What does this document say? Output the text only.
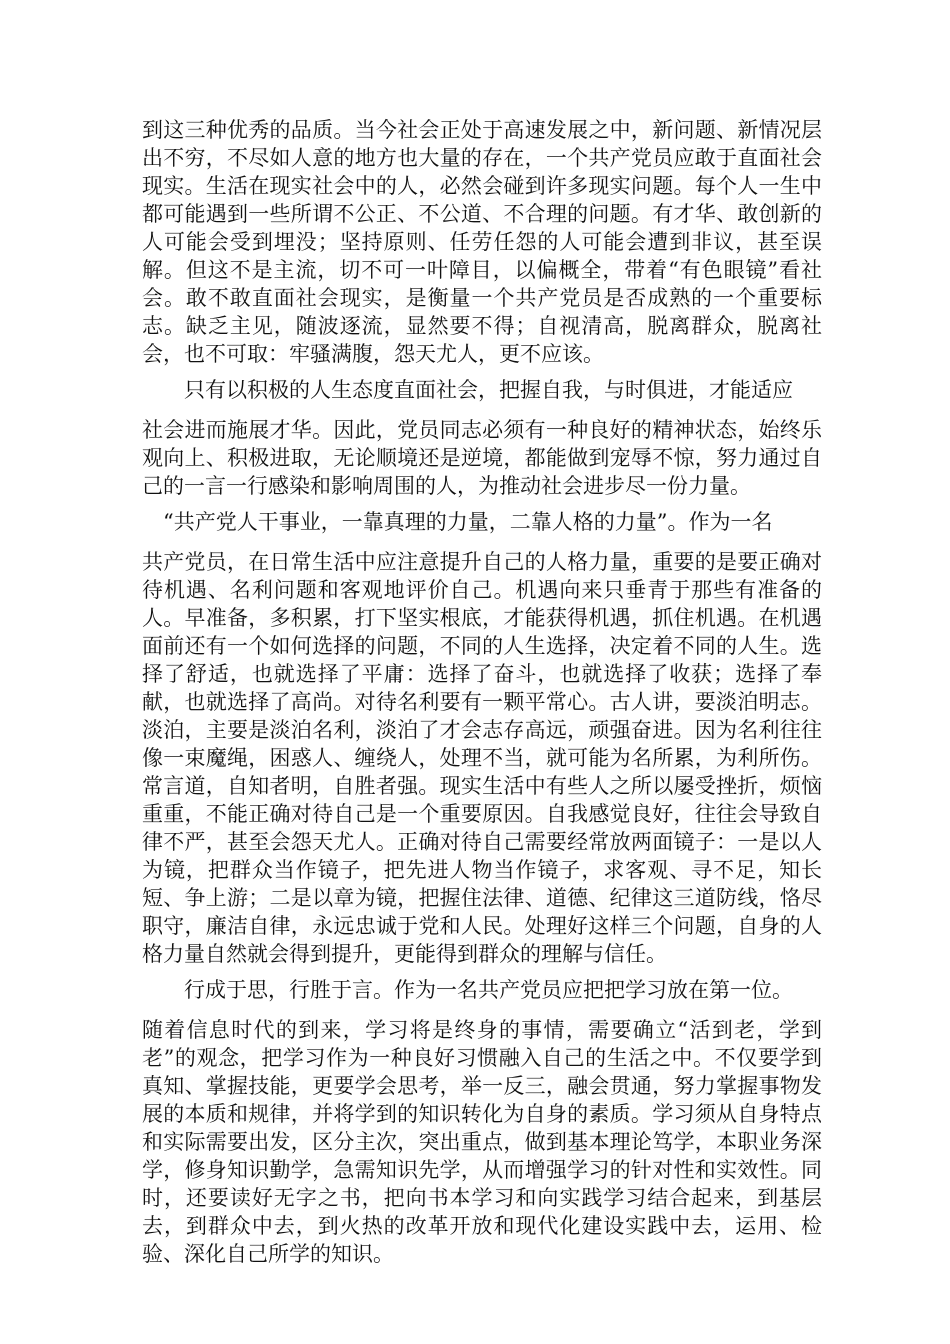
到这三种优秀的品质。当今社会正处于高速发展之中，新问题、新情况层出不穷，不尽如人意的地方也大量的存在，一个共产党员应敢于直面社会现实。生活在现实社会中的人，必然会碰到许多现实问题。每个人一生中都可能遇到一些所谓不公正、不公道、不合理的问题。有才华、敢创新的人可能会受到埋没；坚持原则、任劳任怨的人可能会遭到非议，甚至误解。但这不是主流，切不可一叶障目，以偏概全，带着“有色眼镜”看社会。敢不敢直面社会现实，是衡量一个共产党员是否成熟的一个重要标志。缺乏主见，随波逐流，显然要不得；自视清高，脱离群众，脱离社会，也不可取：牢骚满腹，怨天尤人，更不应该。

只有以积极的人生态度直面社会，把握自我，与时俱进，才能适应

社会进而施展才华。因此，党员同志必须有一种良好的精神状态，始终乐观向上、积极进取，无论顺境还是逆境，都能做到宠辱不惊，努力通过自己的一言一行感染和影响周围的人，为推动社会进步尽一份力量。

“共产党人干事业，一靠真理的力量，二靠人格的力量”。作为一名

共产党员，在日常生活中应注意提升自己的人格力量，重要的是要正确对待机遇、名利问题和客观地评价自己。机遇向来只垂青于那些有准备的人。早准备，多积累，打下坚实根底，才能获得机遇，抓住机遇。在机遇面前还有一个如何选择的问题，不同的人生选择，决定着不同的人生。选择了舒适，也就选择了平庸：选择了奋斗，也就选择了收获；选择了奉献，也就选择了高尚。对待名利要有一颗平常心。古人讲，要淡泊明志。淡泊，主要是淡泊名利，淡泊了才会志存高远，顽强奋进。因为名利往往像一束魔绳，困惑人、缠绕人，处理不当，就可能为名所累，为利所伤。常言道，自知者明，自胜者强。现实生活中有些人之所以屡受挫折，烦恼重重，不能正确对待自己是一个重要原因。自我感觉良好，往往会导致自律不严，甚至会怨天尤人。正确对待自己需要经常放两面镜子：一是以人为镜，把群众当作镜子，把先进人物当作镜子，求客观、寻不足，知长短、争上游；二是以章为镜，把握住法律、道德、纪律这三道防线，恪尽职守，廉洁自律，永远忠诚于党和人民。处理好这样三个问题，自身的人格力量自然就会得到提升，更能得到群众的理解与信任。

行成于思，行胜于言。作为一名共产党员应把把学习放在第一位。

随着信息时代的到来，学习将是终身的事情，需要确立“活到老，学到老”的观念，把学习作为一种良好习惯融入自己的生活之中。不仅要学到真知、掌握技能，更要学会思考，举一反三，融会贯通，努力掌握事物发展的本质和规律，并将学到的知识转化为自身的素质。学习须从自身特点和实际需要出发，区分主次，突出重点，做到基本理论笃学，本职业务深学，修身知识勤学，急需知识先学，从而增强学习的针对性和实效性。同时，还要读好无字之书，把向书本学习和向实践学习结合起来，到基层去，到群众中去，到火热的改革开放和现代化建设实践中去，运用、检验、深化自己所学的知识。
